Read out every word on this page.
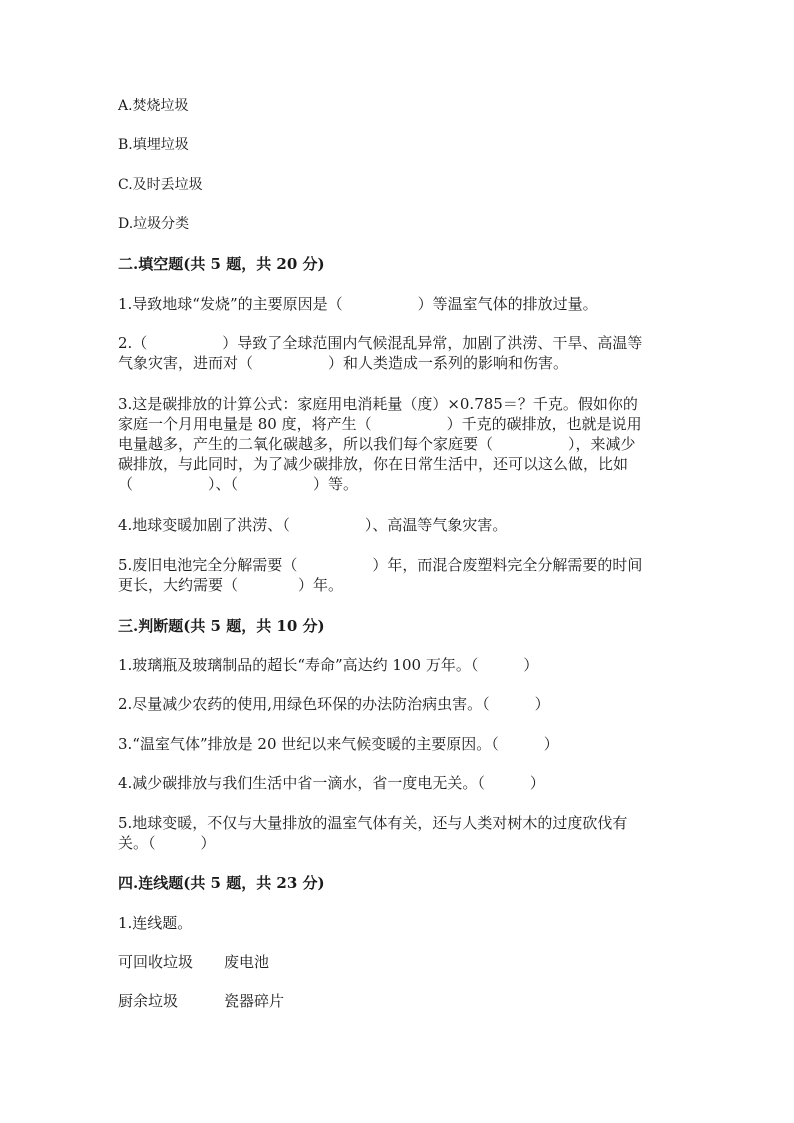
A.焚烧垃圾
B.填埋垃圾
C.及时丢垃圾
D.垃圾分类
二.填空题(共 5 题，共 20 分)
1.导致地球“发烧”的主要原因是（　　　　　）等温室气体的排放过量。
2.（　　　　　）导致了全球范围内气候混乱异常，加剧了洪涝、干旱、高温等
气象灾害，进而对（　　　　　）和人类造成一系列的影响和伤害。
3.这是碳排放的计算公式：家庭用电消耗量（度）×0.785＝？千克。假如你的
家庭一个月用电量是 80 度，将产生（　　　　　）千克的碳排放，也就是说用
电量越多，产生的二氧化碳越多，所以我们每个家庭要（　　　　　），来减少
碳排放，与此同时，为了减少碳排放，你在日常生活中，还可以这么做，比如
（　　　　　）、（　　　　　）等。
4.地球变暖加剧了洪涝、（　　　　　）、高温等气象灾害。
5.废旧电池完全分解需要（　　　　　）年，而混合废塑料完全分解需要的时间
更长，大约需要（　　　　）年。
三.判断题(共 5 题，共 10 分)
1.玻璃瓶及玻璃制品的超长“寿命”高达约 100 万年。（　　　）
2.尽量减少农药的使用,用绿色环保的办法防治病虫害。（　　　）
3.“温室气体”排放是 20 世纪以来气候变暖的主要原因。（　　　）
4.减少碳排放与我们生活中省一滴水，省一度电无关。（　　　）
5.地球变暖，不仅与大量排放的温室气体有关，还与人类对树木的过度砍伐有
关。（　　　）
四.连线题(共 5 题，共 23 分)
1.连线题。
可回收垃圾 废电池
厨余垃圾	瓷器碎片
